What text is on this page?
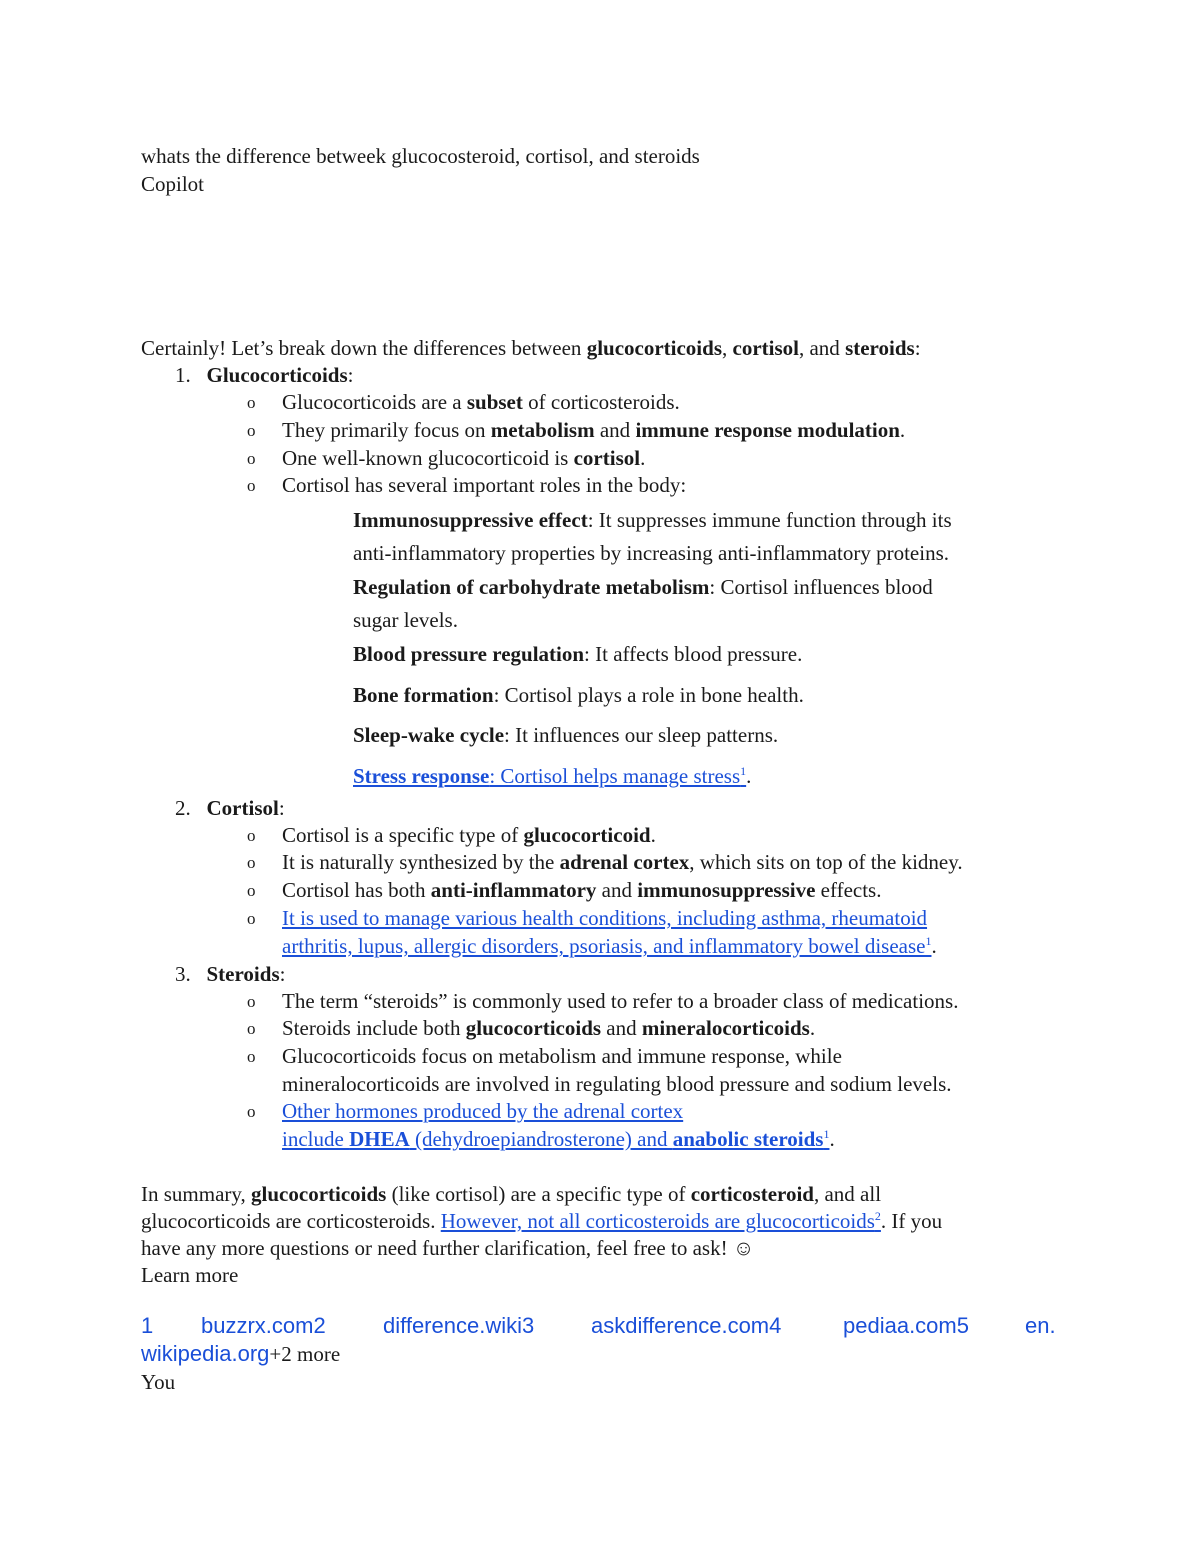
whats the difference betweek glucocosteroid, cortisol, and steroids
Copilot
Certainly! Let’s break down the differences between glucocorticoids, cortisol, and steroids:
1. Glucocorticoids:
o Glucocorticoids are a subset of corticosteroids.
o They primarily focus on metabolism and immune response modulation.
o One well-known glucocorticoid is cortisol.
o Cortisol has several important roles in the body:
Immunosuppressive effect: It suppresses immune function through its
anti-inflammatory properties by increasing anti-inflammatory proteins.
Regulation of carbohydrate metabolism: Cortisol influences blood
sugar levels.
Blood pressure regulation: It affects blood pressure.
Bone formation: Cortisol plays a role in bone health.
Sleep-wake cycle: It influences our sleep patterns.
Stress response: Cortisol helps manage stress$^1$.
2. Cortisol:
o Cortisol is a specific type of glucocorticoid.
o It is naturally synthesized by the adrenal cortex, which sits on top of the kidney.
o Cortisol has both anti-inflammatory and immunosuppressive effects.
o It is used to manage various health conditions, including asthma, rheumatoid
arthritis, lupus, allergic disorders, psoriasis, and inflammatory bowel disease$^1$.
3. Steroids:
o The term “steroids” is commonly used to refer to a broader class of medications.
o Steroids include both glucocorticoids and mineralocorticoids.
o Glucocorticoids focus on metabolism and immune response, while
mineralocorticoids are involved in regulating blood pressure and sodium levels.
o Other hormones produced by the adrenal cortex
include DHEA (dehydroepiandrosterone) and anabolic steroids$^1$.
In summary, glucocorticoids (like cortisol) are a specific type of corticosteroid, and all
glucocorticoids are corticosteroids. However, not all corticosteroids are glucocorticoids$^2$. If you
have any more questions or need further clarification, feel free to ask! ☺
Learn more
1 buzzrx.com2	difference.wiki3	askdifference.com4	pediaa.com5	en.
wikipedia.org+2 more
You
